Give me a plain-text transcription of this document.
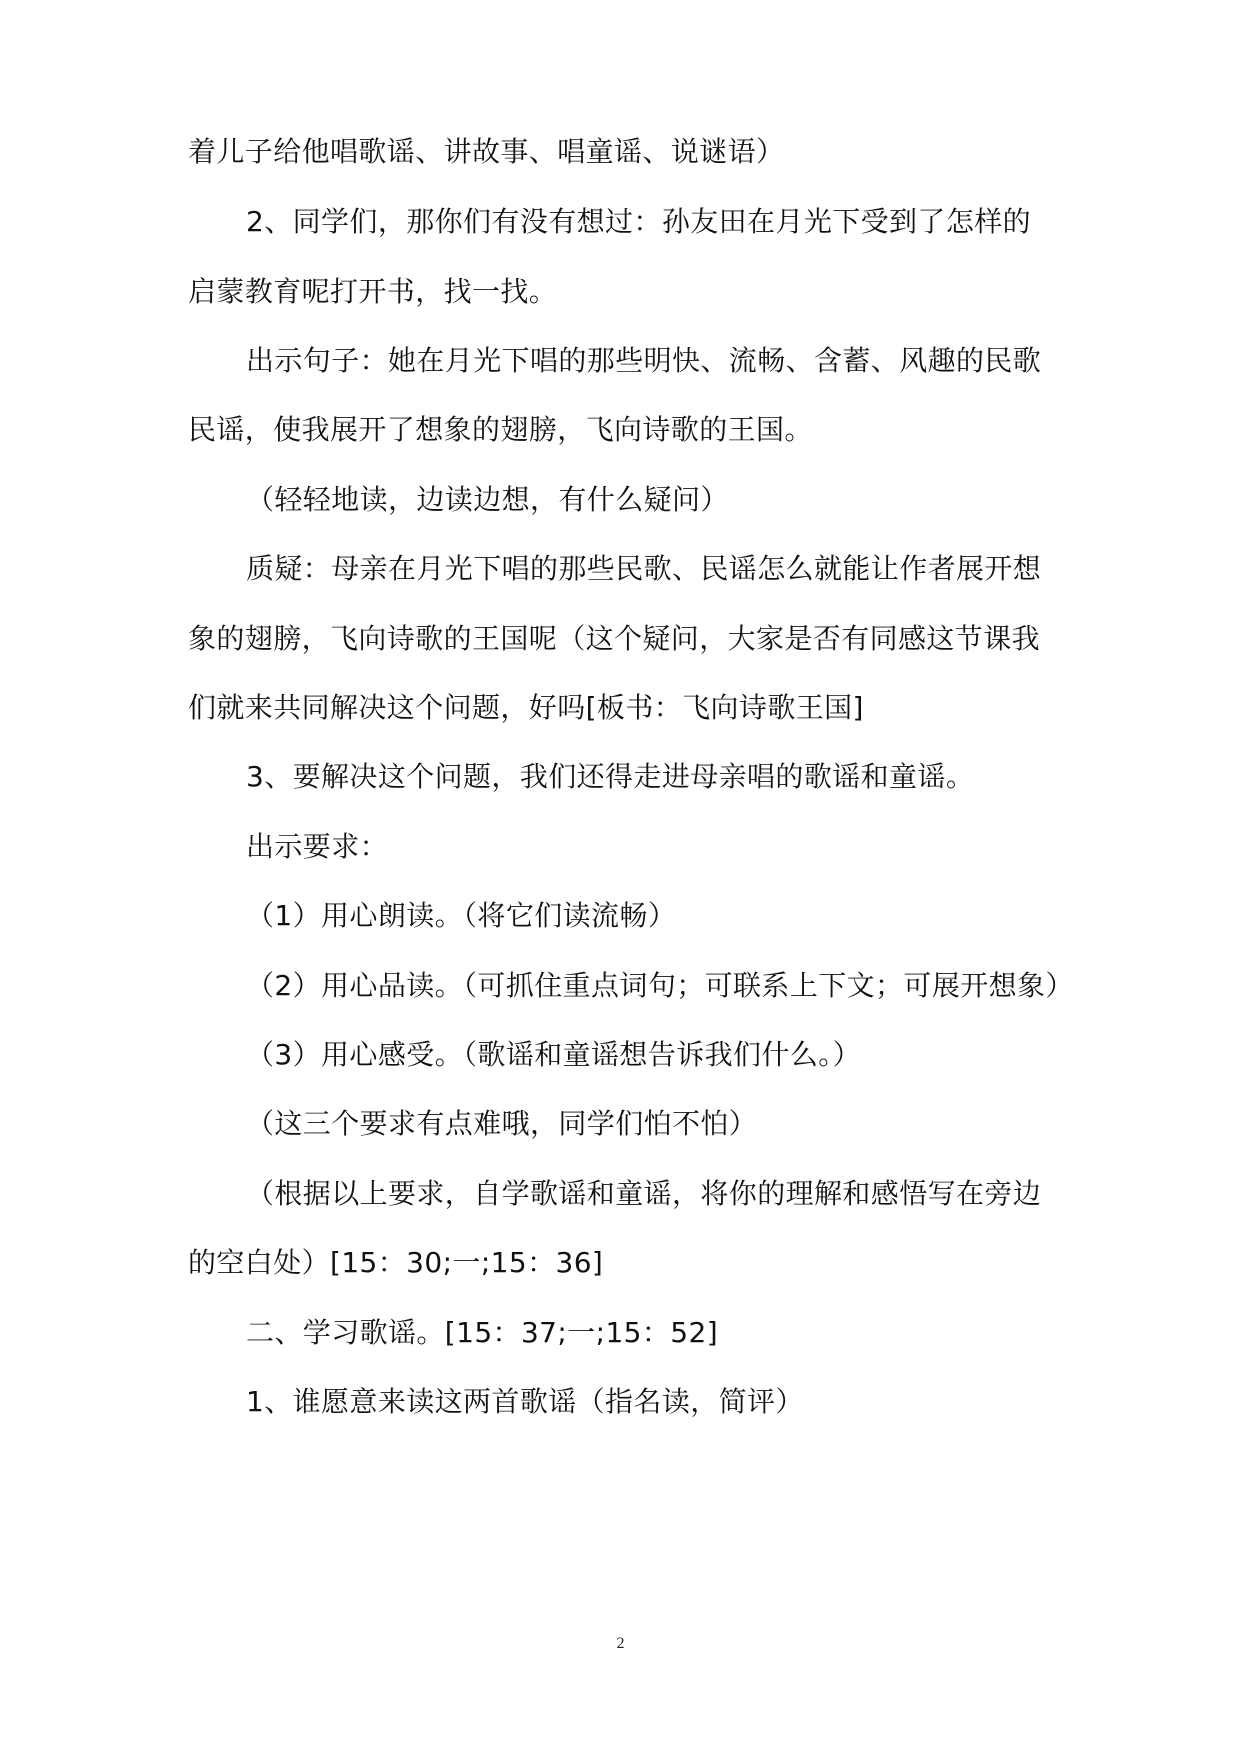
着儿子给他唱歌谣、讲故事、唱童谣、说谜语）
2、同学们，那你们有没有想过：孙友田在月光下受到了怎样的
启蒙教育呢打开书，找一找。
出示句子：她在月光下唱的那些明快、流畅、含蓄、风趣的民歌
民谣，使我展开了想象的翅膀，飞向诗歌的王国。
（轻轻地读，边读边想，有什么疑问）
质疑：母亲在月光下唱的那些民歌、民谣怎么就能让作者展开想
象的翅膀，飞向诗歌的王国呢（这个疑问，大家是否有同感这节课我
们就来共同解决这个问题，好吗[板书：飞向诗歌王国]
3、要解决这个问题，我们还得走进母亲唱的歌谣和童谣。
出示要求：
（1）用心朗读。（将它们读流畅）
（2）用心品读。（可抓住重点词句；可联系上下文；可展开想象）
（3）用心感受。（歌谣和童谣想告诉我们什么。）
（这三个要求有点难哦，同学们怕不怕）
（根据以上要求，自学歌谣和童谣，将你的理解和感悟写在旁边
的空白处）[15：30;一;15：36]
二、学习歌谣。[15：37;一;15：52]
1、谁愿意来读这两首歌谣（指名读，简评）
2
